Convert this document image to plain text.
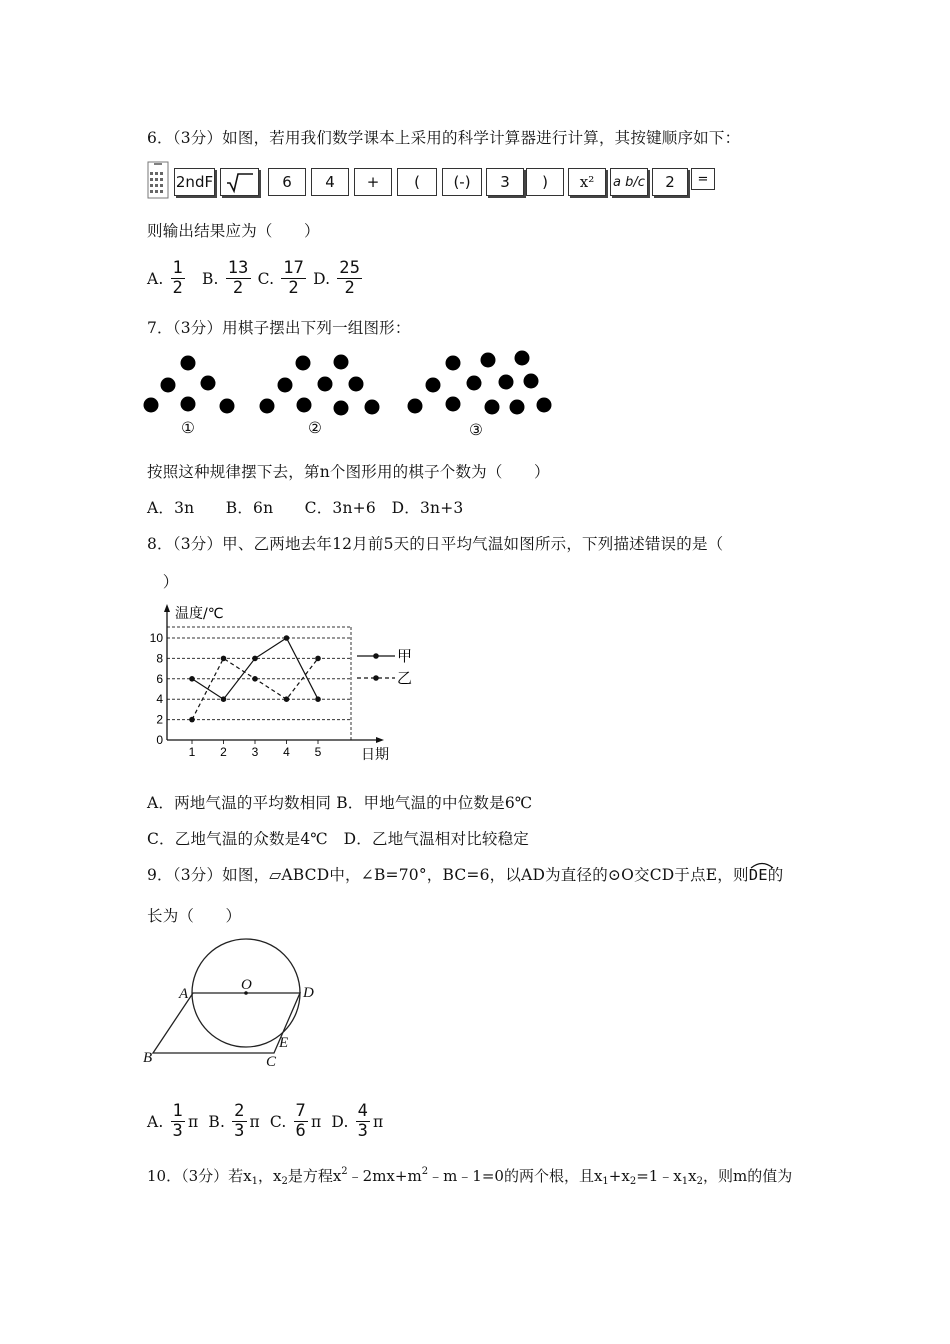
6．（3分）如图，若用我们数学课本上采用的科学计算器进行计算，其按键顺序如下：
2ndF	6	4	+	(	(-)	3	)	x²	a b/c	2	=
则输出结果应为（　　）
A. $\frac{1}{2} B$. $\frac{13}{2} C$. $\frac{17}{2} D$. $\frac{25}{2}$
7．（3分）用棋子摆出下列一组图形：
①	②	③
按照这种规律摆下去，第n个图形用的棋子个数为（　　）
A．3n　　B．6n　　C．3n+6　D．3n+3
8．（3分）甲、乙两地去年12月前5天的日平均气温如图所示，下列描述错误的是（
　）
0
2
4
6
8
10
1 2 3 4 5
温度/℃
日期
甲
乙
A．两地气温的平均数相同 B．甲地气温的中位数是6℃
C．乙地气温的众数是4℃　D．乙地气温相对比较稳定
9．（3分）如图，▱ABCD中，∠B=70°，BC=6，以AD为直径的⊙O交CD于点E，则
DE的
长为（　　）
A
O	D
E
B	C
A. $\frac{1}{3}$ π B. $\frac{2}{3}$ π C. $\frac{7}{6}$ π D. $\frac{4}{3}$ π
10．（3分）若$x_1$，$x_2$是方程$x^2﹣2mx+m^2﹣m﹣1=0$的两个根，且$x_1+x_2=1﹣x_1x_2$，则m的值为
